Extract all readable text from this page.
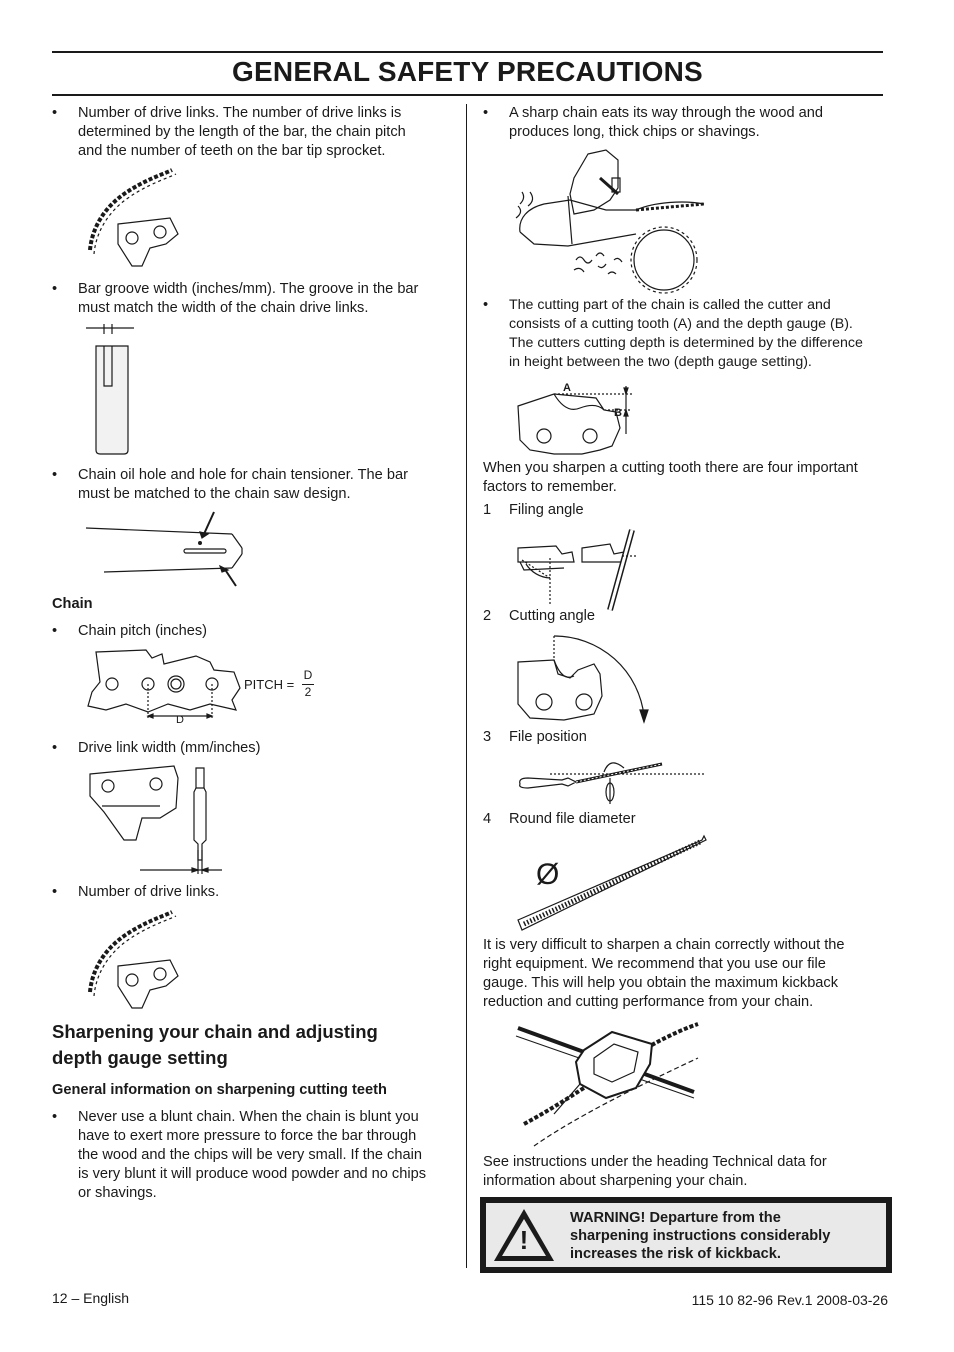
GENERAL SAFETY PRECAUTIONS
• Number of drive links. The number of drive links is
determined by the length of the bar, the chain pitch
and the number of teeth on the bar tip sprocket.
• Bar groove width (inches/mm). The groove in the bar
must match the width of the chain drive links.
• Chain oil hole and hole for chain tensioner. The bar
must be matched to the chain saw design.
Chain
• Chain pitch (inches)
D
PITCH =
D
2
• Drive link width (mm/inches)
• Number of drive links.
Sharpening your chain and adjusting
depth gauge setting
General information on sharpening cutting teeth
• Never use a blunt chain. When the chain is blunt you
have to exert more pressure to force the bar through
the wood and the chips will be very small. If the chain
is very blunt it will produce wood powder and no chips
or shavings.
• A sharp chain eats its way through the wood and
produces long, thick chips or shavings.
• The cutting part of the chain is called the cutter and
consists of a cutting tooth (A) and the depth gauge (B).
The cutters cutting depth is determined by the difference
in height between the two (depth gauge setting).
A
B
When you sharpen a cutting tooth there are four important
factors to remember.
1 Filing angle
2 Cutting angle
3 File position
4 Round file diameter
Ø
It is very difficult to sharpen a chain correctly without the
right equipment. We recommend that you use our file
gauge. This will help you obtain the maximum kickback
reduction and cutting performance from your chain.
See instructions under the heading Technical data for
information about sharpening your chain.
!
WARNING! Departure from the
sharpening instructions considerably
increases the risk of kickback.
12 – English	115 10 82-96 Rev.1 2008-03-26
